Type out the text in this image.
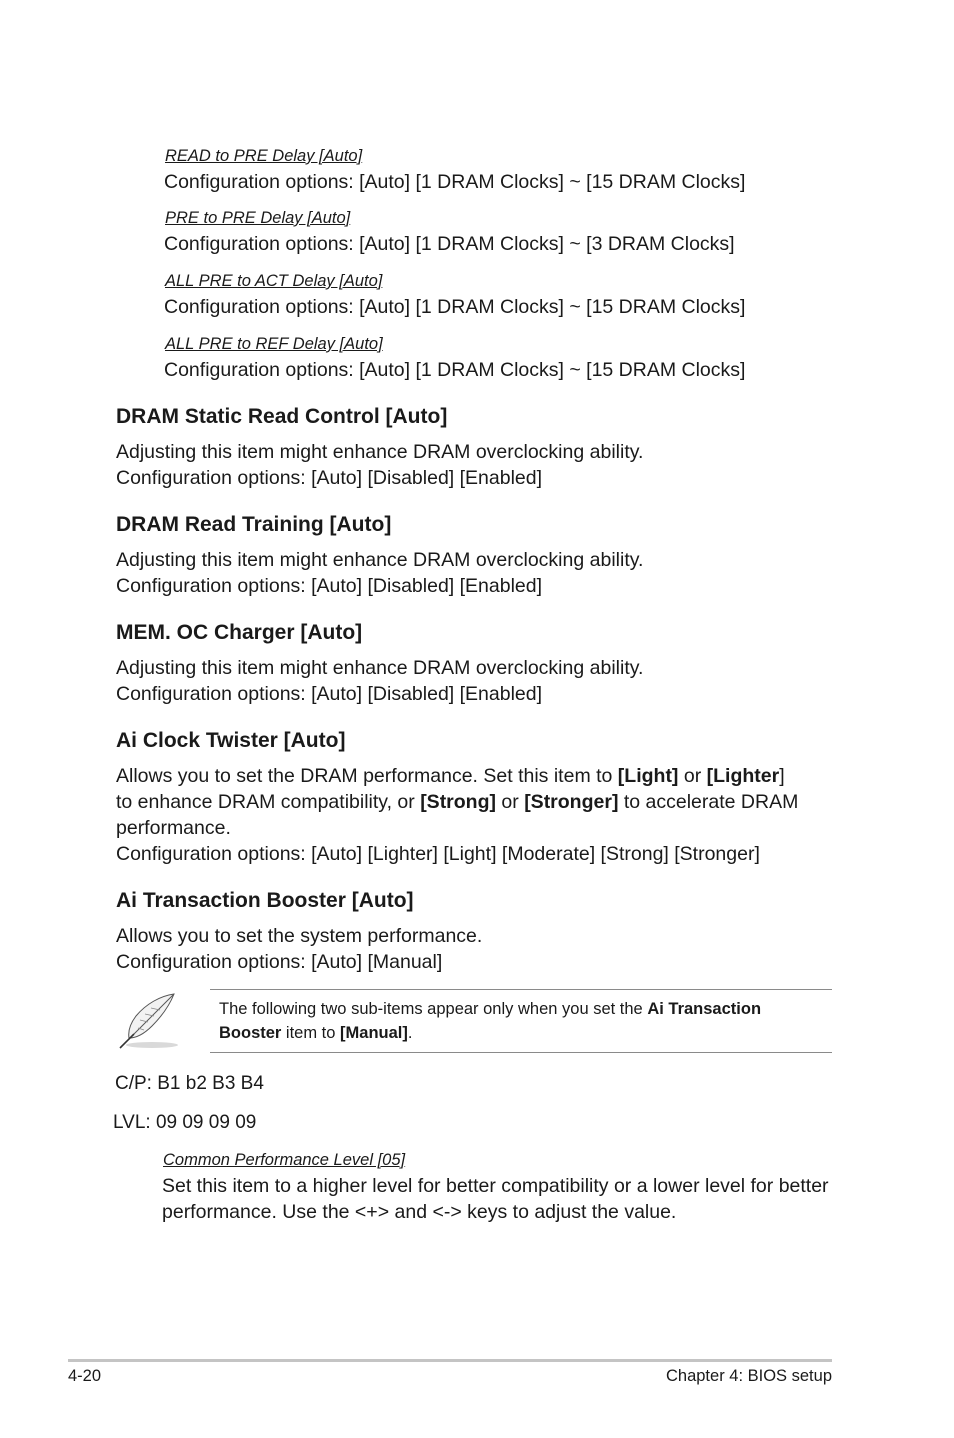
READ to PRE Delay [Auto]
Configuration options: [Auto] [1 DRAM Clocks] ~ [15 DRAM Clocks]
PRE to PRE Delay [Auto]
Configuration options: [Auto] [1 DRAM Clocks] ~ [3 DRAM Clocks]
ALL PRE to ACT Delay [Auto]
Configuration options: [Auto] [1 DRAM Clocks] ~ [15 DRAM Clocks]
ALL PRE to REF Delay [Auto]
Configuration options: [Auto] [1 DRAM Clocks] ~ [15 DRAM Clocks]
DRAM Static Read Control [Auto]
Adjusting this item might enhance DRAM overclocking ability.
Configuration options: [Auto] [Disabled] [Enabled]
DRAM Read Training [Auto]
Adjusting this item might enhance DRAM overclocking ability.
Configuration options: [Auto] [Disabled] [Enabled]
MEM. OC Charger [Auto]
Adjusting this item might enhance DRAM overclocking ability.
Configuration options: [Auto] [Disabled] [Enabled]
Ai Clock Twister [Auto]
Allows you to set the DRAM performance. Set this item to [Light] or [Lighter]
to enhance DRAM compatibility, or [Strong] or [Stronger] to accelerate DRAM
performance.
Configuration options: [Auto] [Lighter] [Light] [Moderate] [Strong] [Stronger]
Ai Transaction Booster [Auto]
Allows you to set the system performance.
Configuration options: [Auto] [Manual]
The following two sub-items appear only when you set the Ai Transaction
Booster item to [Manual].
C/P: B1 b2 B3 B4
LVL: 09 09 09 09
Common Performance Level [05]
Set this item to a higher level for better compatibility or a lower level for better
performance. Use the <+> and <-> keys to adjust the value.
4-20	Chapter 4: BIOS setup
